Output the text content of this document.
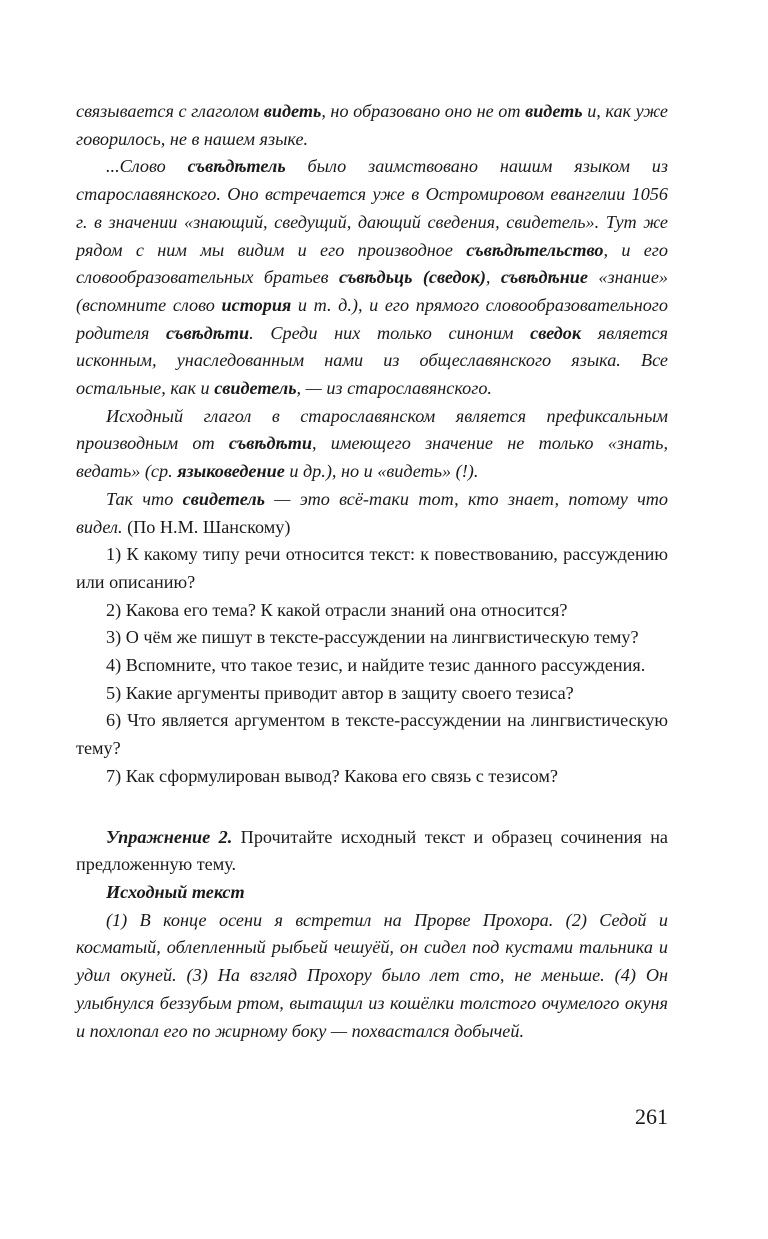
связывается с глаголом видеть, но образовано оно не от видеть и, как уже говорилось, не в нашем языке.

...Слово съвѣдѣтель было заимствовано нашим языком из старославянского. Оно встречается уже в Остромировом евангелии 1056 г. в значении «знающий, сведущий, дающий сведения, свидетель». Тут же рядом с ним мы видим и его производное съвѣдѣтельство, и его словообразовательных братьев съвѣдьць (сведок), съвѣдѣние «знание» (вспомните слово история и т. д.), и его прямого словообразовательного родителя съвѣдѣти. Среди них только синоним сведок является исконным, унаследованным нами из общеславянского языка. Все остальные, как и свидетель, — из старославянского.

Исходный глагол в старославянском является префиксальным производным от съвѣдѣти, имеющего значение не только «знать, ведать» (ср. языковедение и др.), но и «видеть» (!).

Так что свидетель — это всё-таки тот, кто знает, потому что видел. (По Н.М. Шанскому)

1) К какому типу речи относится текст: к повествованию, рассуждению или описанию?

2) Какова его тема? К какой отрасли знаний она относится?

3) О чём же пишут в тексте-рассуждении на лингвистическую тему?

4) Вспомните, что такое тезис, и найдите тезис данного рассуждения.

5) Какие аргументы приводит автор в защиту своего тезиса?

6) Что является аргументом в тексте-рассуждении на лингвистическую тему?

7) Как сформулирован вывод? Какова его связь с тезисом?

Упражнение 2. Прочитайте исходный текст и образец сочинения на предложенную тему.

Исходный текст

(1) В конце осени я встретил на Прорве Прохора. (2) Седой и косматый, облепленный рыбьей чешуёй, он сидел под кустами тальника и удил окуней. (3) На взгляд Прохору было лет сто, не меньше. (4) Он улыбнулся беззубым ртом, вытащил из кошёлки толстого очумелого окуня и похлопал его по жирному боку — похвастался добычей.

261
